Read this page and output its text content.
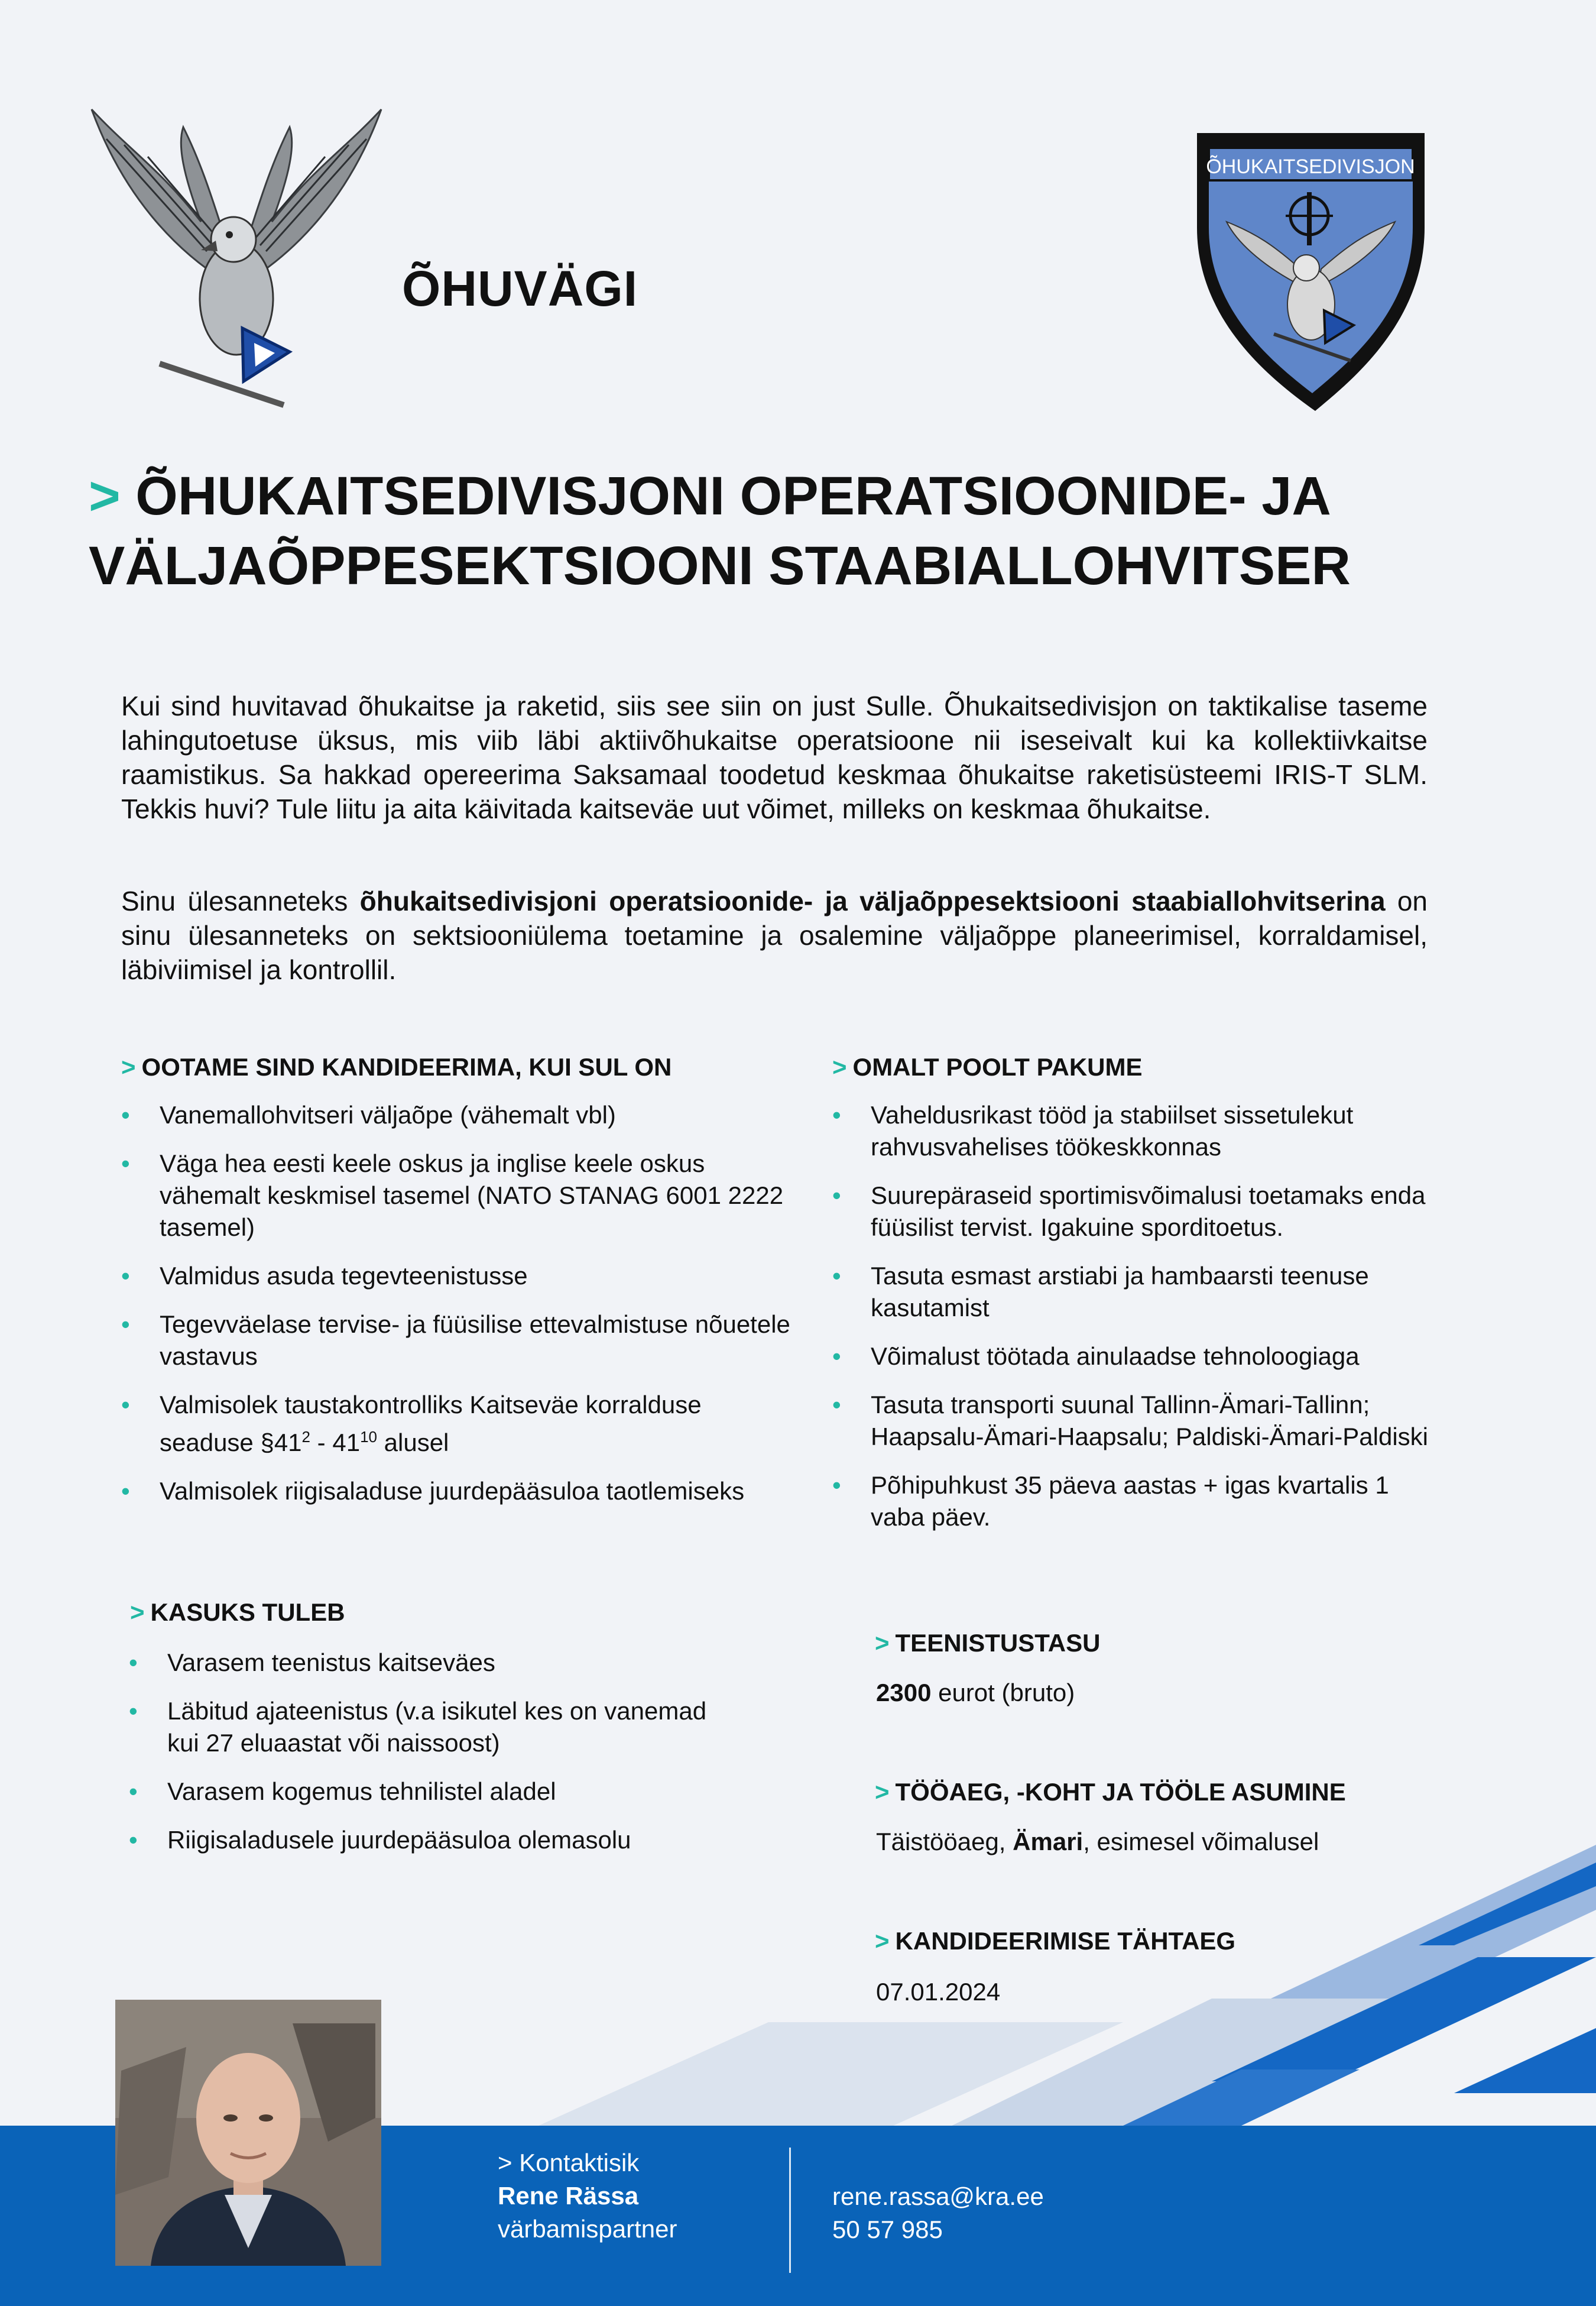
ÕHUVÄGI
ÕHUKAITSEDIVISJON
> ÕHUKAITSEDIVISJONI OPERATSIOONIDE- JA
VÄLJAÕPPESEKTSIOONI STAABIALLOHVITSER
Kui sind huvitavad õhukaitse ja raketid, siis see siin on just Sulle. Õhukaitsedivisjon on taktikalise taseme lahingutoetuse üksus, mis viib läbi aktiivõhukaitse operatsioone nii iseseivalt kui ka kollektiivkaitse raamistikus. Sa hakkad opereerima Saksamaal toodetud keskmaa õhukaitse raketisüsteemi IRIS-T SLM. Tekkis huvi? Tule liitu ja aita käivitada kaitseväe uut võimet, milleks on keskmaa õhukaitse.
Sinu ülesanneteks õhukaitsedivisjoni operatsioonide- ja väljaõppesektsiooni staabiallohvitserina on sinu ülesanneteks on sektsiooniülema toetamine ja osalemine väljaõppe planeerimisel, korraldamisel, läbiviimisel ja kontrollil.
> OOTAME SIND KANDIDEERIMA, KUI SUL ON
• Vanemallohvitseri väljaõpe (vähemalt vbl)
• Väga hea eesti keele oskus ja inglise keele oskus vähemalt keskmisel tasemel (NATO STANAG 6001 2222 tasemel)
• Valmidus asuda tegevteenistusse
• Tegevväelase tervise- ja füüsilise ettevalmistuse nõuetele vastavus
• Valmisolek taustakontrolliks Kaitseväe korralduse seaduse $\S 41^2 - 41^{10}$ alusel
• Valmisolek riigisaladuse juurdepääsuloa taotlemiseks
> KASUKS TULEB
• Varasem teenistus kaitseväes
• Läbitud ajateenistus (v.a isikutel kes on vanemad kui 27 eluaastat või naissoost)
• Varasem kogemus tehnilistel aladel
• Riigisaladusele juurdepääsuloa olemasolu
> OMALT POOLT PAKUME
• Vaheldusrikast tööd ja stabiilset sissetulekut rahvusvahelises töökeskkonnas
• Suurepäraseid sportimisvõimalusi toetamaks enda füüsilist tervist. Igakuine sporditoetus.
• Tasuta esmast arstiabi ja hambaarsti teenuse kasutamist
• Võimalust töötada ainulaadse tehnoloogiaga
• Tasuta transporti suunal Tallinn-Ämari-Tallinn; Haapsalu-Ämari-Haapsalu; Paldiski-Ämari-Paldiski
• Põhipuhkust 35 päeva aastas + igas kvartalis 1 vaba päev.
> TEENISTUSTASU
2300 eurot (bruto)
> TÖÖAEG, -KOHT JA TÖÖLE ASUMINE
Täistööaeg, Ämari, esimesel võimalusel
> KANDIDEERIMISE TÄHTAEG
07.01.2024
> Kontaktisik
Rene Rässa
värbamispartner
rene.rassa@kra.ee
50 57 985
